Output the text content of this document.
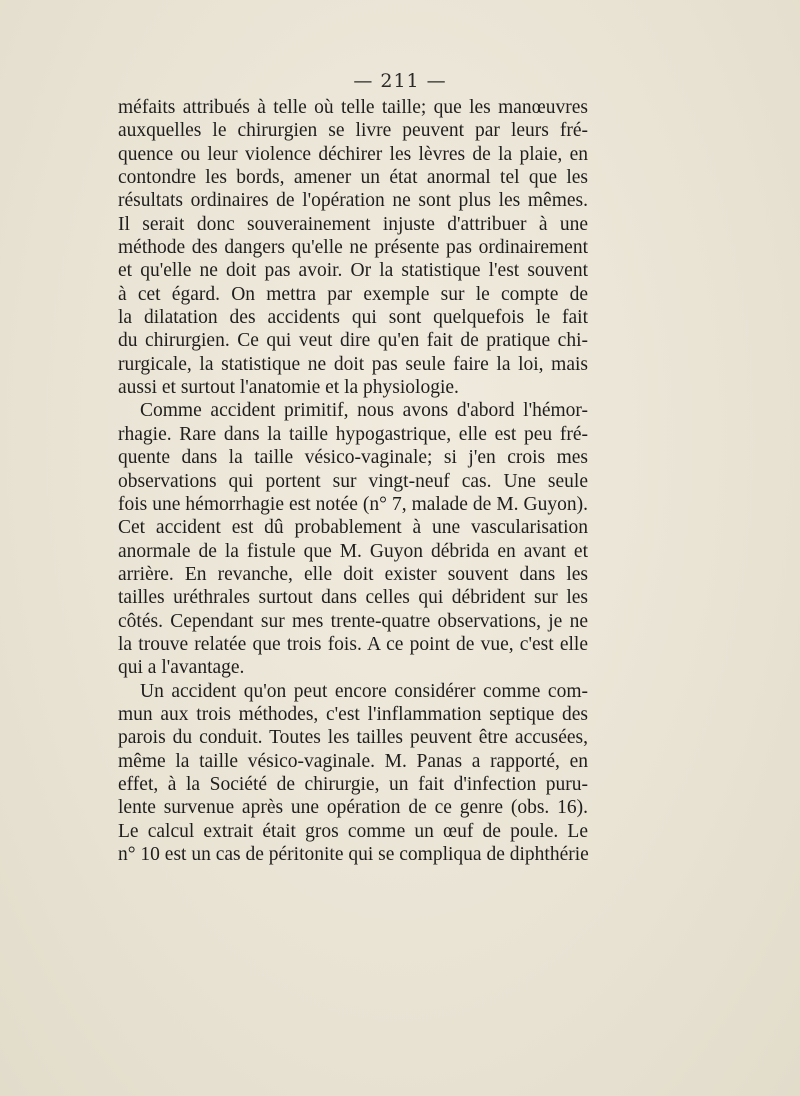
— 211 —
méfaits attribués à telle où telle taille; que les manœuvres
auxquelles le chirurgien se livre peuvent par leurs fré-
quence ou leur violence déchirer les lèvres de la plaie, en
contondre les bords, amener un état anormal tel que les
résultats ordinaires de l'opération ne sont plus les mêmes.
Il serait donc souverainement injuste d'attribuer à une
méthode des dangers qu'elle ne présente pas ordinairement
et qu'elle ne doit pas avoir. Or la statistique l'est souvent
à cet égard. On mettra par exemple sur le compte de
la dilatation des accidents qui sont quelquefois le fait
du chirurgien. Ce qui veut dire qu'en fait de pratique chi-
rurgicale, la statistique ne doit pas seule faire la loi, mais
aussi et surtout l'anatomie et la physiologie.
Comme accident primitif, nous avons d'abord l'hémor-
rhagie. Rare dans la taille hypogastrique, elle est peu fré-
quente dans la taille vésico-vaginale; si j'en crois mes
observations qui portent sur vingt-neuf cas. Une seule
fois une hémorrhagie est notée (n° 7, malade de M. Guyon).
Cet accident est dû probablement à une vascularisation
anormale de la fistule que M. Guyon débrida en avant et
arrière. En revanche, elle doit exister souvent dans les
tailles uréthrales surtout dans celles qui débrident sur les
côtés. Cependant sur mes trente-quatre observations, je ne
la trouve relatée que trois fois. A ce point de vue, c'est elle
qui a l'avantage.
Un accident qu'on peut encore considérer comme com-
mun aux trois méthodes, c'est l'inflammation septique des
parois du conduit. Toutes les tailles peuvent être accusées,
même la taille vésico-vaginale. M. Panas a rapporté, en
effet, à la Société de chirurgie, un fait d'infection puru-
lente survenue après une opération de ce genre (obs. 16).
Le calcul extrait était gros comme un œuf de poule. Le
n° 10 est un cas de péritonite qui se compliqua de diphthérie
